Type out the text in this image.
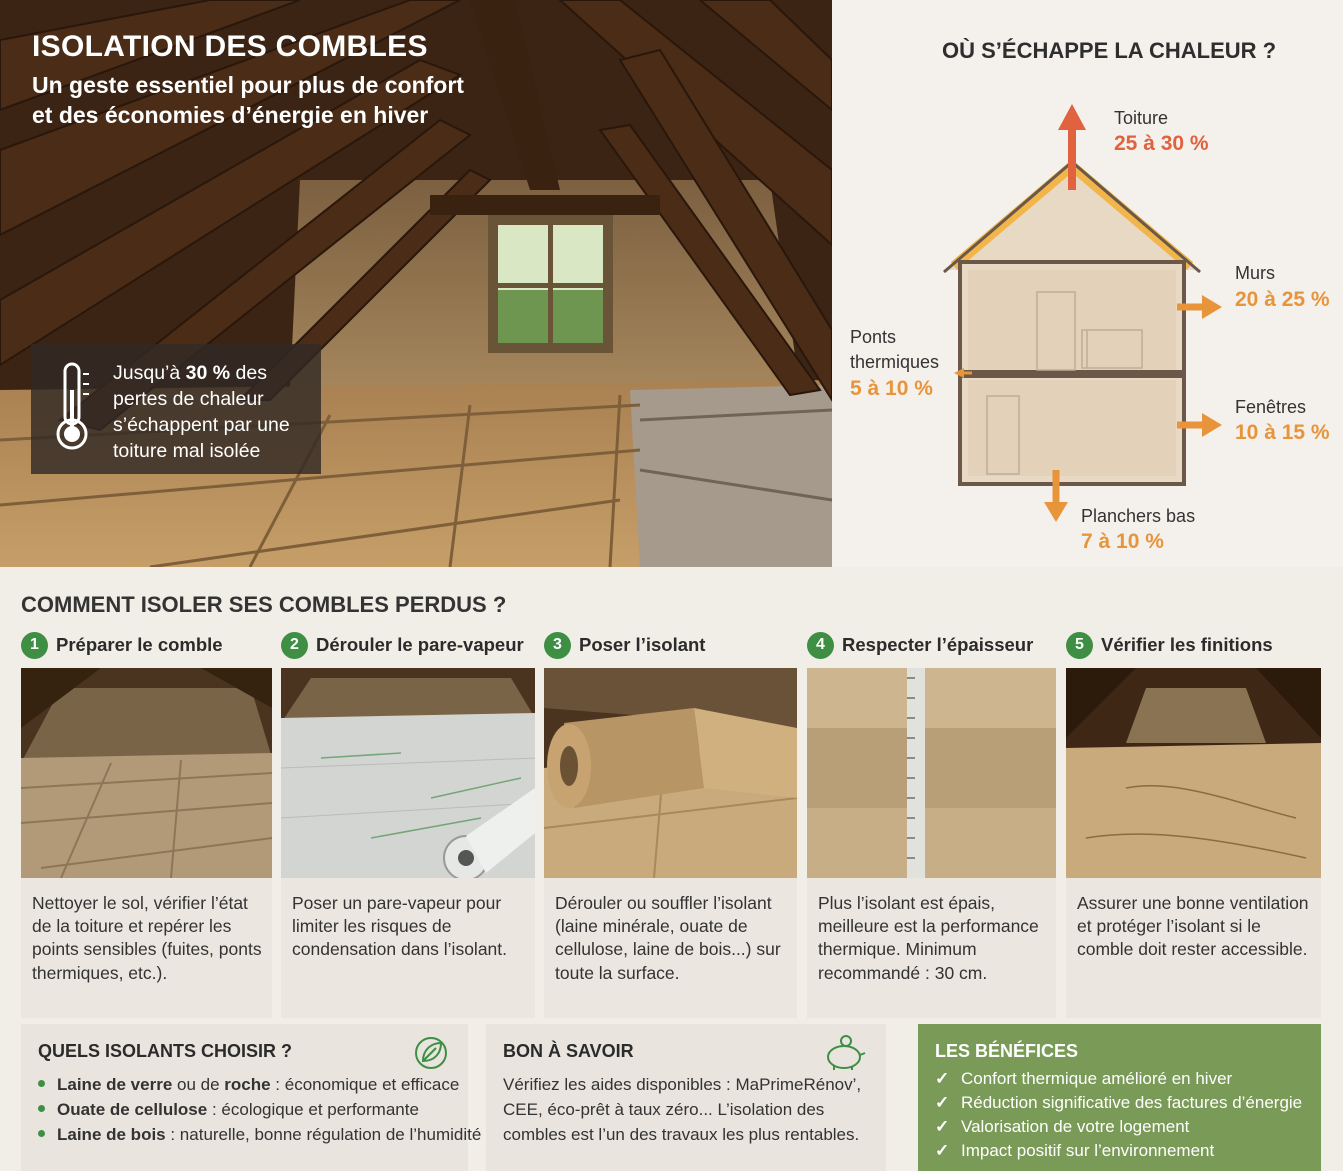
ISOLATION DES COMBLES
Un geste essentiel pour plus de confort et des économies d’énergie en hiver

Jusqu’à 30 % des pertes de chaleur s’échappent par une toiture mal isolée

OÙ S’ÉCHAPPE LA CHALEUR ?
Toiture
25 à 30 %
Murs
20 à 25 %
Ponts thermiques
5 à 10 %
Fenêtres
10 à 15 %
Planchers bas
7 à 10 %
COMMENT ISOLER SES COMBLES PERDUS ?
1 Préparer le comble

Nettoyer le sol, vérifier l’état de la toiture et repérer les points sensibles (fuites, ponts thermiques, etc.).

2 Dérouler le pare-vapeur

Poser un pare-vapeur pour limiter les risques de condensation dans l’isolant.

3 Poser l’isolant

Dérouler ou souffler l’isolant (laine minérale, ouate de cellulose, laine de bois...) sur toute la surface.

4 Respecter l’épaisseur

Plus l’isolant est épais, meilleure est la performance thermique. Minimum recommandé : 30 cm.

5 Vérifier les finitions

Assurer une bonne ventilation et protéger l’isolant si le comble doit rester accessible.

QUELS ISOLANTS CHOISIR ?
Laine de verre ou de roche : économique et efficace
Ouate de cellulose : écologique et performante
Laine de bois : naturelle, bonne régulation de l’humidité
BON À SAVOIR

Vérifiez les aides disponibles : MaPrimeRénov’, CEE, éco-prêt à taux zéro... L’isolation des combles est l’un des travaux les plus rentables.

LES BÉNÉFICES
✓ Confort thermique amélioré en hiver
✓ Réduction significative des factures d’énergie
✓ Valorisation de votre logement
✓ Impact positif sur l’environnement
